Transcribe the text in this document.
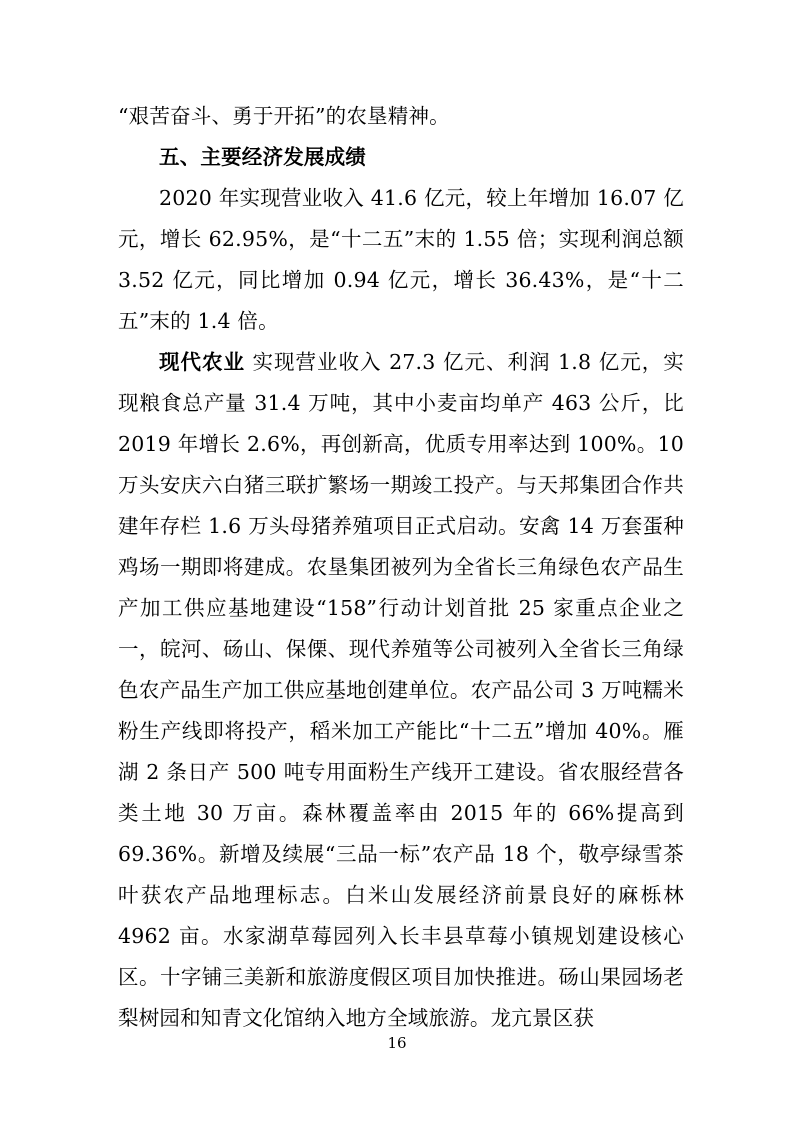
“艰苦奋斗、勇于开拓”的农垦精神。

五、主要经济发展成绩

2020 年实现营业收入 41.6 亿元，较上年增加 16.07 亿元，增长 62.95%，是“十二五”末的 1.55 倍；实现利润总额 3.52 亿元，同比增加 0.94 亿元，增长 36.43%，是“十二五”末的 1.4 倍。

现代农业 实现营业收入 27.3 亿元、利润 1.8 亿元，实现粮食总产量 31.4 万吨，其中小麦亩均单产 463 公斤，比 2019 年增长 2.6%，再创新高，优质专用率达到 100%。10 万头安庆六白猪三联扩繁场一期竣工投产。与天邦集团合作共建年存栏 1.6 万头母猪养殖项目正式启动。安禽 14 万套蛋种鸡场一期即将建成。农垦集团被列为全省长三角绿色农产品生产加工供应基地建设“158”行动计划首批 25 家重点企业之一，皖河、砀山、保傈、现代养殖等公司被列入全省长三角绿色农产品生产加工供应基地创建单位。农产品公司 3 万吨糯米粉生产线即将投产，稻米加工产能比“十二五”增加 40%。雁湖 2 条日产 500 吨专用面粉生产线开工建设。省农服经营各类土地 30 万亩。森林覆盖率由 2015 年的 66%提高到 69.36%。新增及续展“三品一标”农产品 18 个，敬亭绿雪茶叶获农产品地理标志。白米山发展经济前景良好的麻栎林 4962 亩。水家湖草莓园列入长丰县草莓小镇规划建设核心区。十字铺三美新和旅游度假区项目加快推进。砀山果园场老梨树园和知青文化馆纳入地方全域旅游。龙亢景区获

16
